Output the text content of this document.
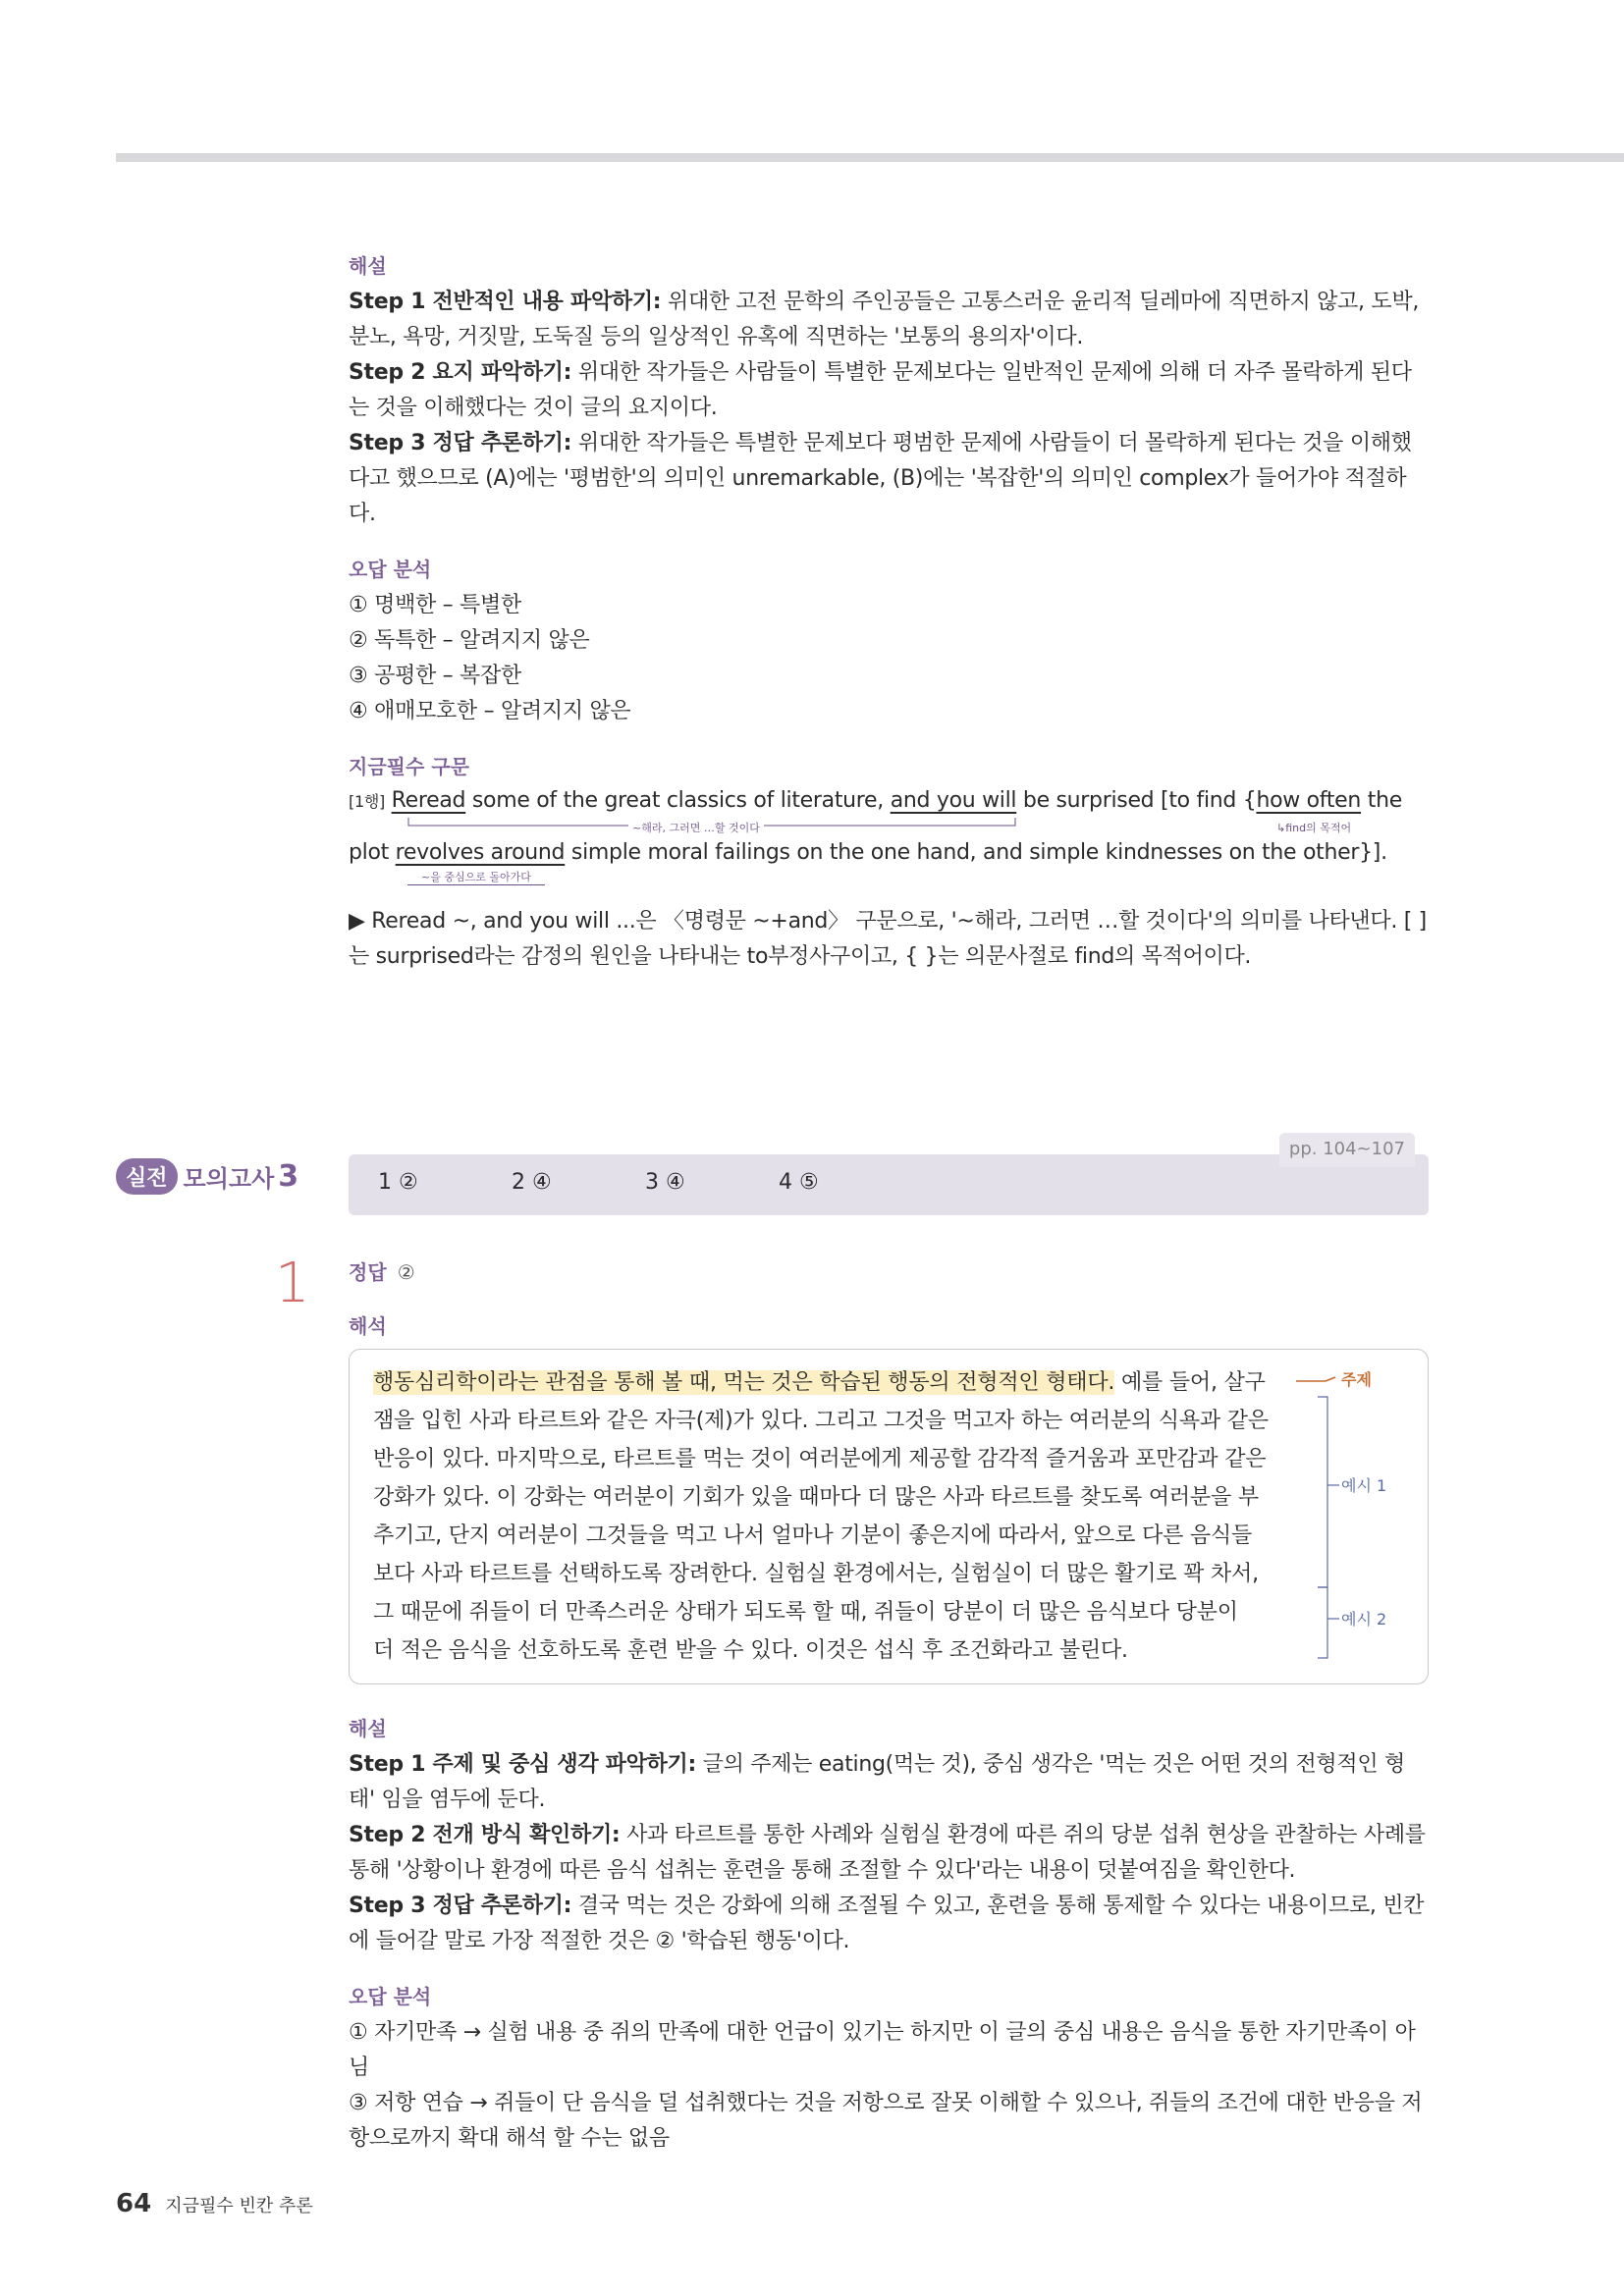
해설

Step 1 전반적인 내용 파악하기: 위대한 고전 문학의 주인공들은 고통스러운 윤리적 딜레마에 직면하지 않고, 도박, 분노, 욕망, 거짓말, 도둑질 등의 일상적인 유혹에 직면하는 '보통의 용의자'이다.

Step 2 요지 파악하기: 위대한 작가들은 사람들이 특별한 문제보다는 일반적인 문제에 의해 더 자주 몰락하게 된다는 것을 이해했다는 것이 글의 요지이다.

Step 3 정답 추론하기: 위대한 작가들은 특별한 문제보다 평범한 문제에 사람들이 더 몰락하게 된다는 것을 이해했다고 했으므로 (A)에는 '평범한'의 의미인 unremarkable, (B)에는 '복잡한'의 의미인 complex가 들어가야 적절하다.

오답 분석

① 명백한 – 특별한

② 독특한 – 알려지지 않은

③ 공평한 – 복잡한

④ 애매모호한 – 알려지지 않은

지금필수 구문

[1행] Reread some of the great classics of literature, and you will be surprised [to find {how often the

~해라, 그러면 …할 것이다	↳find의 목적어

plot revolves around simple moral failings on the one hand, and simple kindnesses on the other}].

~을 중심으로 돌아가다

▶ Reread ~, and you will ...은 〈명령문 ~+and〉 구문으로, '~해라, 그러면 …할 것이다'의 의미를 나타낸다. [ ]는 surprised라는 감정의 원인을 나타내는 to부정사구이고, { }는 의문사절로 find의 목적어이다.

실전 모의고사 3
pp. 104~107
1 ②	2 ④	3 ④	4 ⑤
1 정답 ②
해석
행동심리학이라는 관점을 통해 볼 때, 먹는 것은 학습된 행동의 전형적인 형태다. 예를 들어, 살구
잼을 입힌 사과 타르트와 같은 자극(제)가 있다. 그리고 그것을 먹고자 하는 여러분의 식욕과 같은
반응이 있다. 마지막으로, 타르트를 먹는 것이 여러분에게 제공할 감각적 즐거움과 포만감과 같은
강화가 있다. 이 강화는 여러분이 기회가 있을 때마다 더 많은 사과 타르트를 찾도록 여러분을 부
추기고, 단지 여러분이 그것들을 먹고 나서 얼마나 기분이 좋은지에 따라서, 앞으로 다른 음식들
보다 사과 타르트를 선택하도록 장려한다. 실험실 환경에서는, 실험실이 더 많은 활기로 꽉 차서,
그 때문에 쥐들이 더 만족스러운 상태가 되도록 할 때, 쥐들이 당분이 더 많은 음식보다 당분이
더 적은 음식을 선호하도록 훈련 받을 수 있다. 이것은 섭식 후 조건화라고 불린다.
주제
예시 1
예시 2
해설

Step 1 주제 및 중심 생각 파악하기: 글의 주제는 eating(먹는 것), 중심 생각은 '먹는 것은 어떤 것의 전형적인 형태' 임을 염두에 둔다.

Step 2 전개 방식 확인하기: 사과 타르트를 통한 사례와 실험실 환경에 따른 쥐의 당분 섭취 현상을 관찰하는 사례를 통해 '상황이나 환경에 따른 음식 섭취는 훈련을 통해 조절할 수 있다'라는 내용이 덧붙여짐을 확인한다.

Step 3 정답 추론하기: 결국 먹는 것은 강화에 의해 조절될 수 있고, 훈련을 통해 통제할 수 있다는 내용이므로, 빈칸에 들어갈 말로 가장 적절한 것은 ② '학습된 행동'이다.

오답 분석

① 자기만족 → 실험 내용 중 쥐의 만족에 대한 언급이 있기는 하지만 이 글의 중심 내용은 음식을 통한 자기만족이 아님

③ 저항 연습 → 쥐들이 단 음식을 덜 섭취했다는 것을 저항으로 잘못 이해할 수 있으나, 쥐들의 조건에 대한 반응을 저항으로까지 확대 해석 할 수는 없음

64 지금필수 빈칸 추론
